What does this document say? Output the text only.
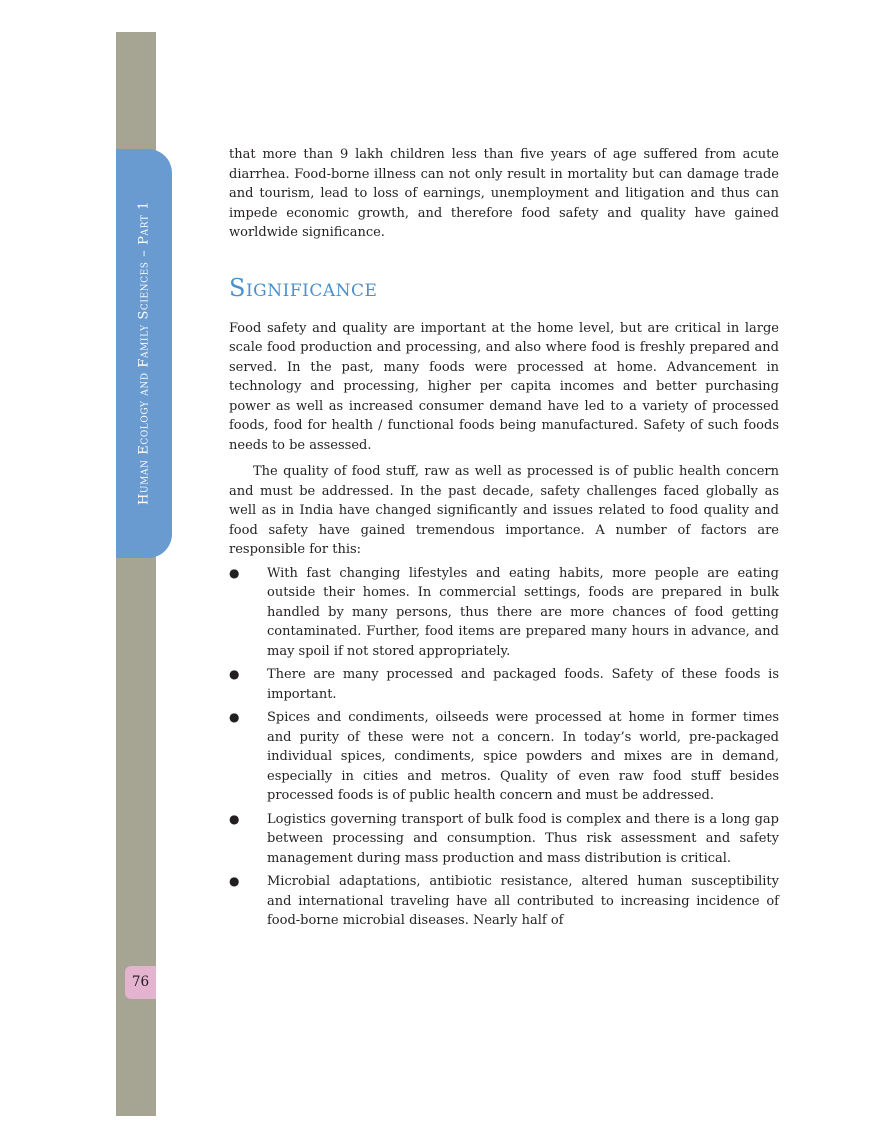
Human Ecology and Family Sciences – Part 1
76

that more than 9 lakh children less than five years of age suffered from acute diarrhea. Food-borne illness can not only result in mortality but can damage trade and tourism, lead to loss of earnings, unemployment and litigation and thus can impede economic growth, and therefore food safety and quality have gained worldwide significance.

Significance

Food safety and quality are important at the home level, but are critical in large scale food production and processing, and also where food is freshly prepared and served. In the past, many foods were processed at home. Advancement in technology and processing, higher per capita incomes and better purchasing power as well as increased consumer demand have led to a variety of processed foods, food for health / functional foods being manufactured. Safety of such foods needs to be assessed.

The quality of food stuff, raw as well as processed is of public health concern and must be addressed. In the past decade, safety challenges faced globally as well as in India have changed significantly and issues related to food quality and food safety have gained tremendous importance. A number of factors are responsible for this:

● With fast changing lifestyles and eating habits, more people are eating outside their homes. In commercial settings, foods are prepared in bulk handled by many persons, thus there are more chances of food getting contaminated. Further, food items are prepared many hours in advance, and may spoil if not stored appropriately.
● There are many processed and packaged foods. Safety of these foods is important.
● Spices and condiments, oilseeds were processed at home in former times and purity of these were not a concern. In today’s world, pre-packaged individual spices, condiments, spice powders and mixes are in demand, especially in cities and metros. Quality of even raw food stuff besides processed foods is of public health concern and must be addressed.
● Logistics governing transport of bulk food is complex and there is a long gap between processing and consumption. Thus risk assessment and safety management during mass production and mass distribution is critical.
● Microbial adaptations, antibiotic resistance, altered human susceptibility and international traveling have all contributed to increasing incidence of food-borne microbial diseases. Nearly half of
